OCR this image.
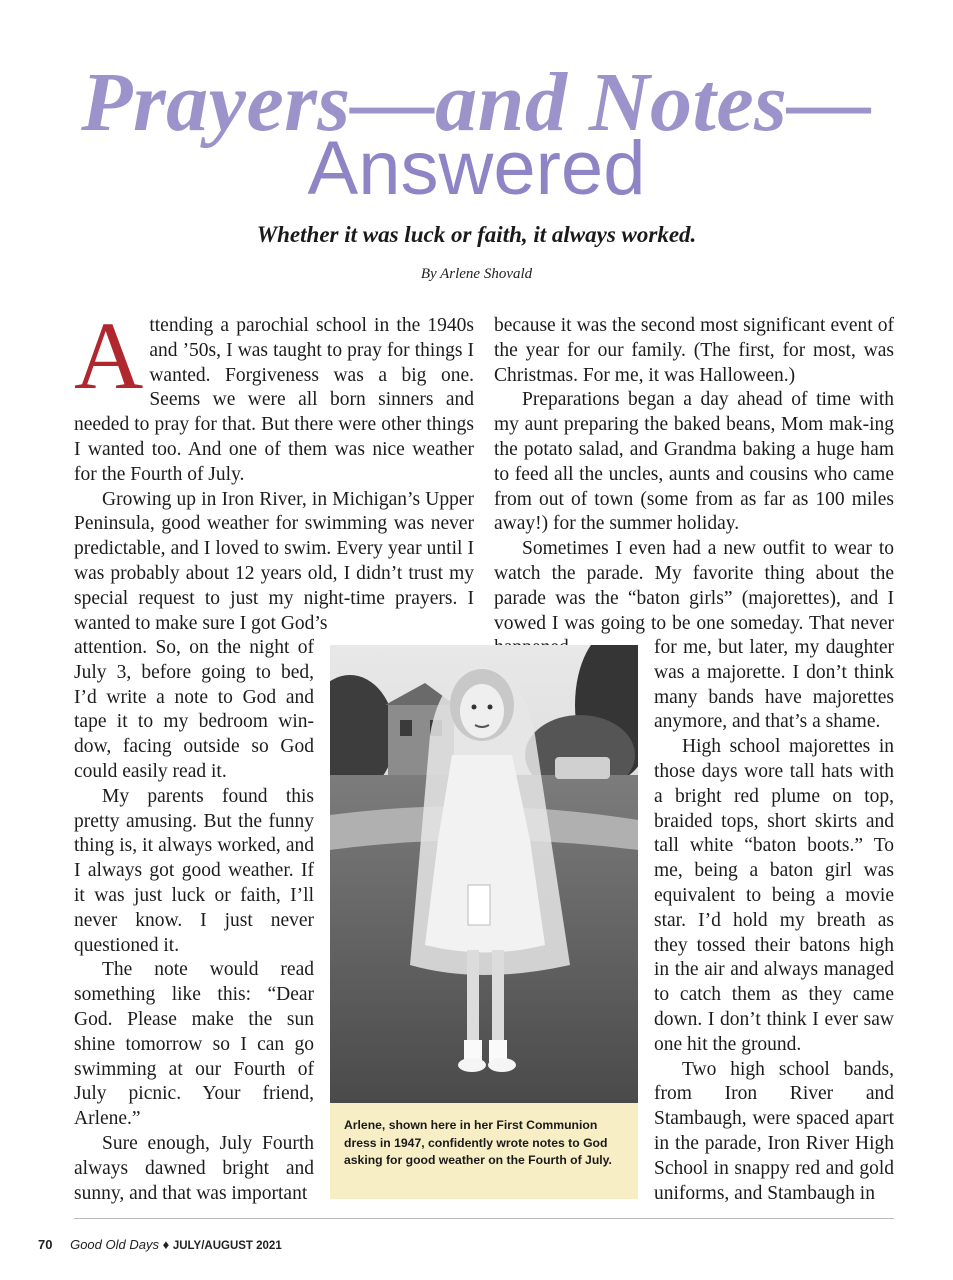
Prayers—and Notes—
Answered
Whether it was luck or faith, it always worked.
By Arlene Shovald

Attending a parochial school in the 1940s and ’50s, I was taught to pray for things I wanted. Forgiveness was a big one. Seems we were all born sinners and needed to pray for that. But there were other things I wanted too. And one of them was nice weather for the Fourth of July.

Growing up in Iron River, in Michigan’s Upper Peninsula, good weather for swimming was never predictable, and I loved to swim. Every year until I was probably about 12 years old, I didn’t trust my special request to just my night-time prayers. I wanted to make sure I got God’s

attention. So, on the night of July 3, before going to bed, I’d write a note to God and tape it to my bedroom win-dow, facing outside so God could easily read it.

My parents found this pretty amusing. But the funny thing is, it always worked, and I always got good weather. If it was just luck or faith, I’ll never know. I just never questioned it.

The note would read something like this: “Dear God. Please make the sun shine tomorrow so I can go swimming at our Fourth of July picnic. Your friend, Arlene.”

Sure enough, July Fourth always dawned bright and sunny, and that was important

because it was the second most significant event of the year for our family. (The first, for most, was Christmas. For me, it was Halloween.)

Preparations began a day ahead of time with my aunt preparing the baked beans, Mom mak-ing the potato salad, and Grandma baking a huge ham to feed all the uncles, aunts and cousins who came from out of town (some from as far as 100 miles away!) for the summer holiday.

Sometimes I even had a new outfit to wear to watch the parade. My favorite thing about the parade was the “baton girls” (majorettes), and I vowed I was going to be one someday. That never

for me, but later, my daughter was a majorette. I don’t think many bands have majorettes anymore, and that’s a shame.

High school majorettes in those days wore tall hats with a bright red plume on top, braided tops, short skirts and tall white “baton boots.” To me, being a baton girl was equivalent to being a movie star. I’d hold my breath as they tossed their batons high in the air and always managed to catch them as they came down. I don’t think I ever saw one hit the ground.

Two high school bands, from Iron River and Stambaugh, were spaced apart in the parade, Iron River High School in snappy red and gold uniforms, and Stambaugh in

Arlene, shown here in her First Communion dress in 1947, confidently wrote notes to God asking for good weather on the Fourth of July.
70 Good Old Days ♦ JULY/AUGUST 2021
